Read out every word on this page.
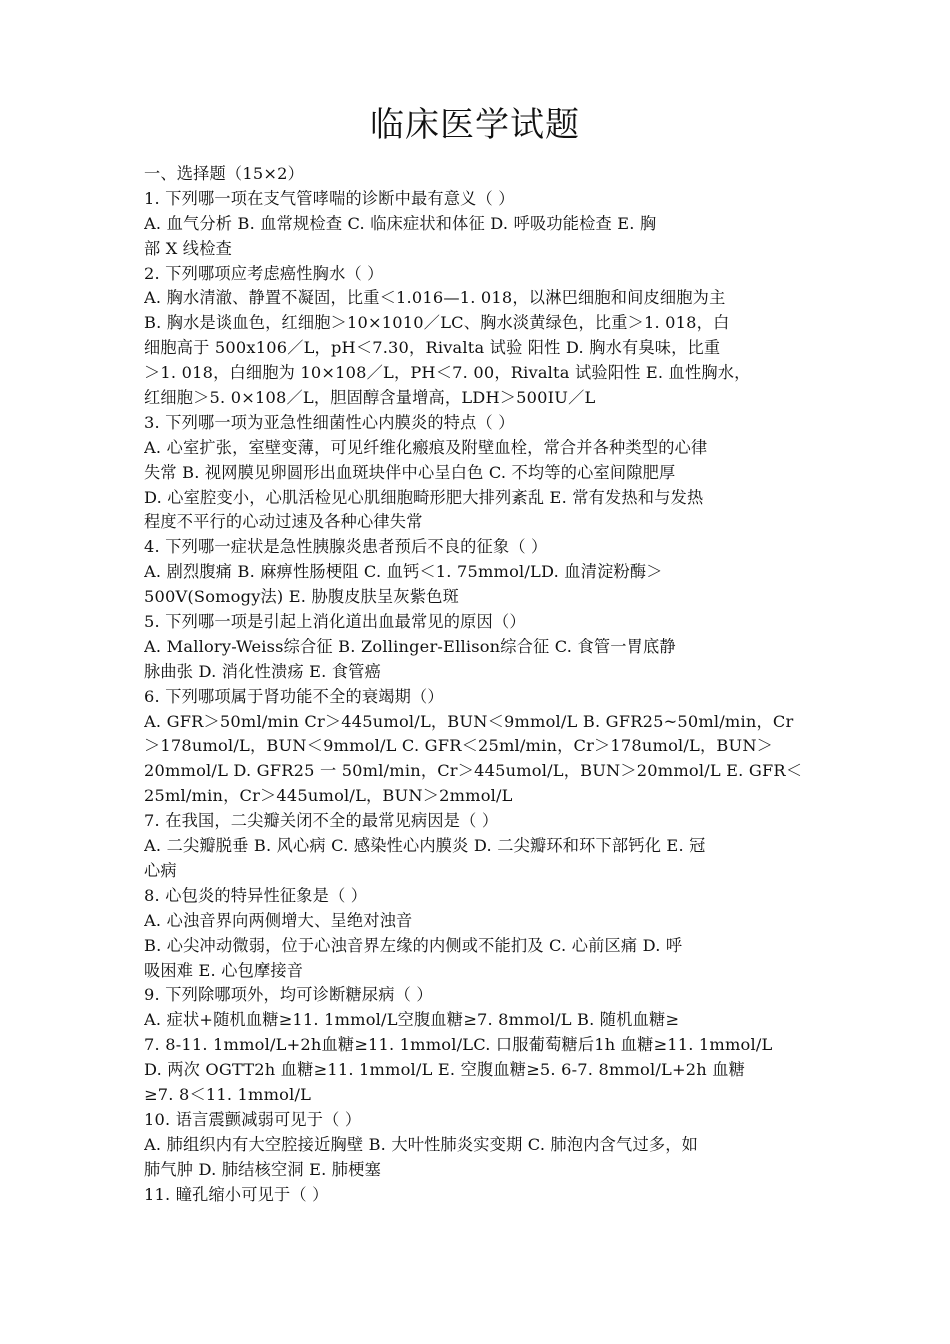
临床医学试题
一、选择题（15×2）
1. 下列哪一项在支气管哮喘的诊断中最有意义（ ）
A. 血气分析 B. 血常规检查 C. 临床症状和体征 D. 呼吸功能检查 E. 胸
部 X 线检查
2. 下列哪项应考虑癌性胸水（ ）
A. 胸水清澈、静置不凝固，比重＜1.016—1. 018，以淋巴细胞和间皮细胞为主
B. 胸水是谈血色，红细胞＞10×1010／LC、胸水淡黄绿色，比重＞1. 018，白
细胞高于 500x106／L，pH＜7.30，Rivalta 试验 阳性 D. 胸水有臭味，比重
＞1. 018，白细胞为 10×108／L，PH＜7. 00，Rivalta 试验阳性 E. 血性胸水，
红细胞＞5. 0×108／L，胆固醇含量增高，LDH＞500IU／L
3. 下列哪一项为亚急性细菌性心内膜炎的特点（ ）
A. 心室扩张，室壁变薄，可见纤维化瘢痕及附壁血栓，常合并各种类型的心律
失常 B. 视网膜见卵圆形出血斑块伴中心呈白色 C. 不均等的心室间隙肥厚
D. 心室腔变小，心肌活检见心肌细胞畸形肥大排列紊乱 E. 常有发热和与发热
程度不平行的心动过速及各种心律失常
4. 下列哪一症状是急性胰腺炎患者预后不良的征象（ ）
A. 剧烈腹痛 B. 麻痹性肠梗阻 C. 血钙＜1. 75mmol/LD. 血清淀粉酶＞
500V(Somogy法) E. 胁腹皮肤呈灰紫色斑
5. 下列哪一项是引起上消化道出血最常见的原因（）
A. Mallory-Weiss综合征 B. Zollinger-Ellison综合征 C. 食管一胃底静
脉曲张 D. 消化性溃疡 E. 食管癌
6. 下列哪项属于肾功能不全的衰竭期（）
A. GFR＞50ml/min Cr＞445umol/L，BUN＜9mmol/L B. GFR25~50ml/min，Cr
＞178umol/L，BUN＜9mmol/L C. GFR＜25ml/min，Cr＞178umol/L，BUN＞
20mmol/L D. GFR25 一 50ml/min，Cr＞445umol/L，BUN＞20mmol/L E. GFR＜
25ml/min，Cr＞445umol/L，BUN＞2mmol/L
7. 在我国，二尖瓣关闭不全的最常见病因是（ ）
A. 二尖瓣脱垂 B. 风心病 C. 感染性心内膜炎 D. 二尖瓣环和环下部钙化 E. 冠
心病
8. 心包炎的特异性征象是（ ）
A. 心浊音界向两侧增大、呈绝对浊音
B. 心尖冲动微弱，位于心浊音界左缘的内侧或不能扪及 C. 心前区痛 D. 呼
吸困难 E. 心包摩接音
9. 下列除哪项外，均可诊断糖尿病（ ）
A. 症状+随机血糖≥11. 1mmol/L空腹血糖≥7. 8mmol/L B. 随机血糖≥
7. 8-11. 1mmol/L+2h血糖≥11. 1mmol/LC. 口服葡萄糖后1h 血糖≥11. 1mmol/L
D. 两次 OGTT2h 血糖≥11. 1mmol/L E. 空腹血糖≥5. 6-7. 8mmol/L+2h 血糖
≥7. 8＜11. 1mmol/L
10. 语言震颤减弱可见于（ ）
A. 肺组织内有大空腔接近胸壁 B. 大叶性肺炎实变期 C. 肺泡内含气过多，如
肺气肿 D. 肺结核空洞 E. 肺梗塞
11. 瞳孔缩小可见于（ ）
